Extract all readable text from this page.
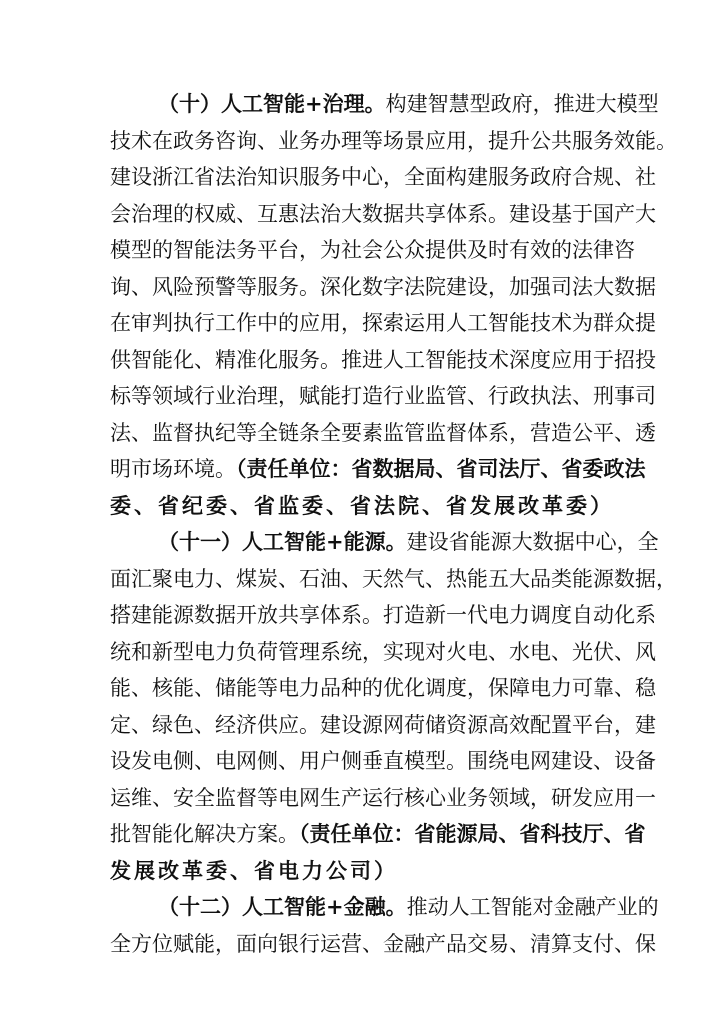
（十）人工智能+治理。构建智慧型政府，推进大模型
技术在政务咨询、业务办理等场景应用，提升公共服务效能。
建设浙江省法治知识服务中心，全面构建服务政府合规、社
会治理的权威、互惠法治大数据共享体系。建设基于国产大
模型的智能法务平台，为社会公众提供及时有效的法律咨
询、风险预警等服务。深化数字法院建设，加强司法大数据
在审判执行工作中的应用，探索运用人工智能技术为群众提
供智能化、精准化服务。推进人工智能技术深度应用于招投
标等领域行业治理，赋能打造行业监管、行政执法、刑事司
法、监督执纪等全链条全要素监管监督体系，营造公平、透
明市场环境。（责任单位：省数据局、省司法厅、省委政法
委、省纪委、省监委、省法院、省发展改革委）
（十一）人工智能+能源。建设省能源大数据中心，全
面汇聚电力、煤炭、石油、天然气、热能五大品类能源数据，
搭建能源数据开放共享体系。打造新一代电力调度自动化系
统和新型电力负荷管理系统，实现对火电、水电、光伏、风
能、核能、储能等电力品种的优化调度，保障电力可靠、稳
定、绿色、经济供应。建设源网荷储资源高效配置平台，建
设发电侧、电网侧、用户侧垂直模型。围绕电网建设、设备
运维、安全监督等电网生产运行核心业务领域，研发应用一
批智能化解决方案。（责任单位：省能源局、省科技厅、省
发展改革委、省电力公司）
（十二）人工智能+金融。推动人工智能对金融产业的
全方位赋能，面向银行运营、金融产品交易、清算支付、保
